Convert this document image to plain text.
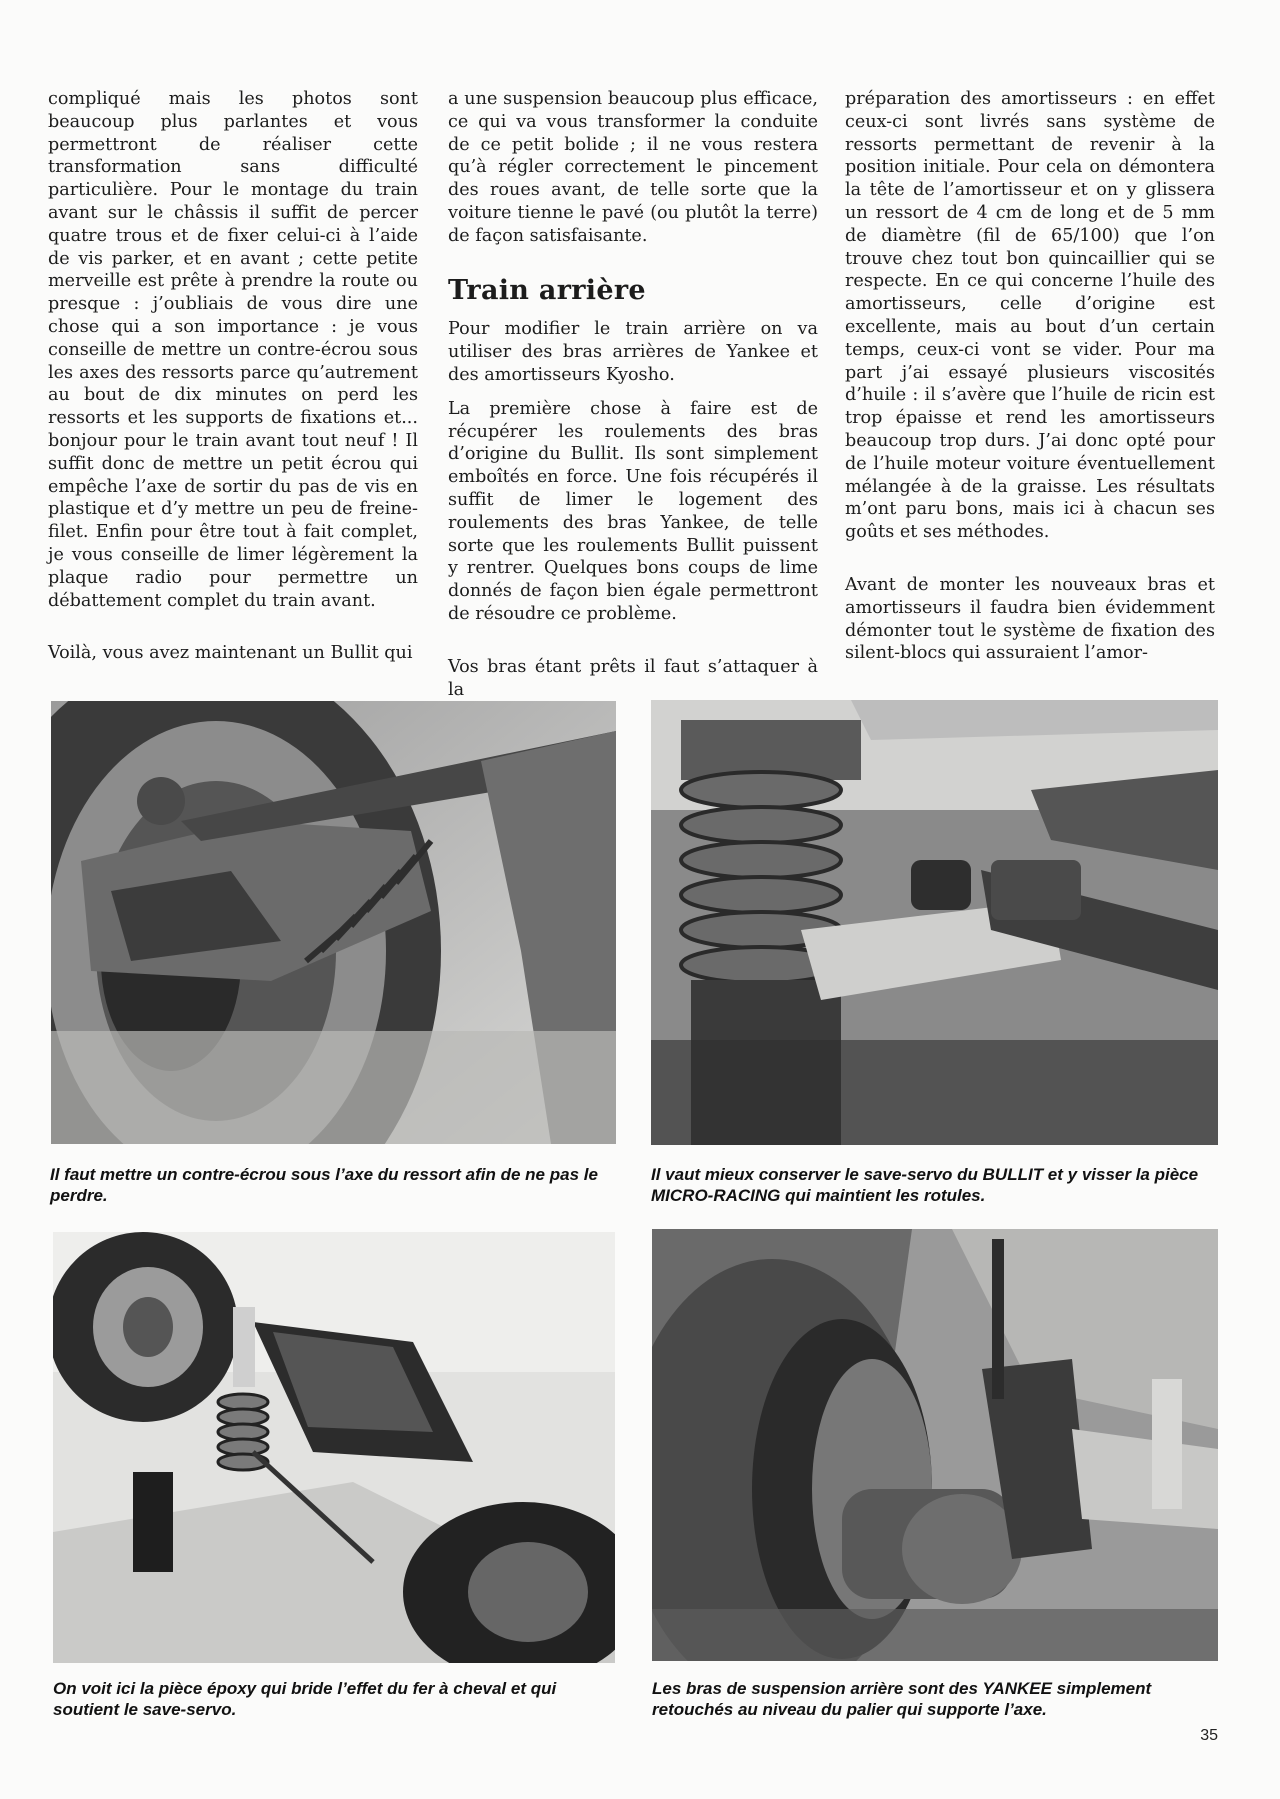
compliqué mais les photos sont beaucoup plus parlantes et vous permettront de réaliser cette transformation sans difficulté particulière. Pour le montage du train avant sur le châssis il suffit de percer quatre trous et de fixer celui-ci à l’aide de vis parker, et en avant ; cette petite merveille est prête à prendre la route ou presque : j’oubliais de vous dire une chose qui a son importance : je vous conseille de mettre un contre-écrou sous les axes des ressorts parce qu’autrement au bout de dix minutes on perd les ressorts et les supports de fixations et... bonjour pour le train avant tout neuf ! Il suffit donc de mettre un petit écrou qui empêche l’axe de sortir du pas de vis en plastique et d’y mettre un peu de freine-filet. Enfin pour être tout à fait complet, je vous conseille de limer légèrement la plaque radio pour permettre un débattement complet du train avant.

Voilà, vous avez maintenant un Bullit qui

a une suspension beaucoup plus efficace, ce qui va vous transformer la conduite de ce petit bolide ; il ne vous restera qu’à régler correctement le pincement des roues avant, de telle sorte que la voiture tienne le pavé (ou plutôt la terre) de façon satisfaisante.

Train arrière

Pour modifier le train arrière on va utiliser des bras arrières de Yankee et des amortisseurs Kyosho.

La première chose à faire est de récupérer les roulements des bras d’origine du Bullit. Ils sont simplement emboîtés en force. Une fois récupérés il suffit de limer le logement des roulements des bras Yankee, de telle sorte que les roulements Bullit puissent y rentrer. Quelques bons coups de lime donnés de façon bien égale permettront de résoudre ce problème.

Vos bras étant prêts il faut s’attaquer à la

préparation des amortisseurs : en effet ceux-ci sont livrés sans système de ressorts permettant de revenir à la position initiale. Pour cela on démontera la tête de l’amortisseur et on y glissera un ressort de 4 cm de long et de 5 mm de diamètre (fil de 65/100) que l’on trouve chez tout bon quincaillier qui se respecte. En ce qui concerne l’huile des amortisseurs, celle d’origine est excellente, mais au bout d’un certain temps, ceux-ci vont se vider. Pour ma part j’ai essayé plusieurs viscosités d’huile : il s’avère que l’huile de ricin est trop épaisse et rend les amortisseurs beaucoup trop durs. J’ai donc opté pour de l’huile moteur voiture éventuellement mélangée à de la graisse. Les résultats m’ont paru bons, mais ici à chacun ses goûts et ses méthodes.

Avant de monter les nouveaux bras et amortisseurs il faudra bien évidemment démonter tout le système de fixation des silent-blocs qui assuraient l’amor-

Il faut mettre un contre-écrou sous l’axe du ressort afin de ne pas le perdre.
Il vaut mieux conserver le save-servo du BULLIT et y visser la pièce MICRO-RACING qui maintient les rotules.
On voit ici la pièce époxy qui bride l’effet du fer à cheval et qui soutient le save-servo.
Les bras de suspension arrière sont des YANKEE simplement retouchés au niveau du palier qui supporte l’axe.
35
